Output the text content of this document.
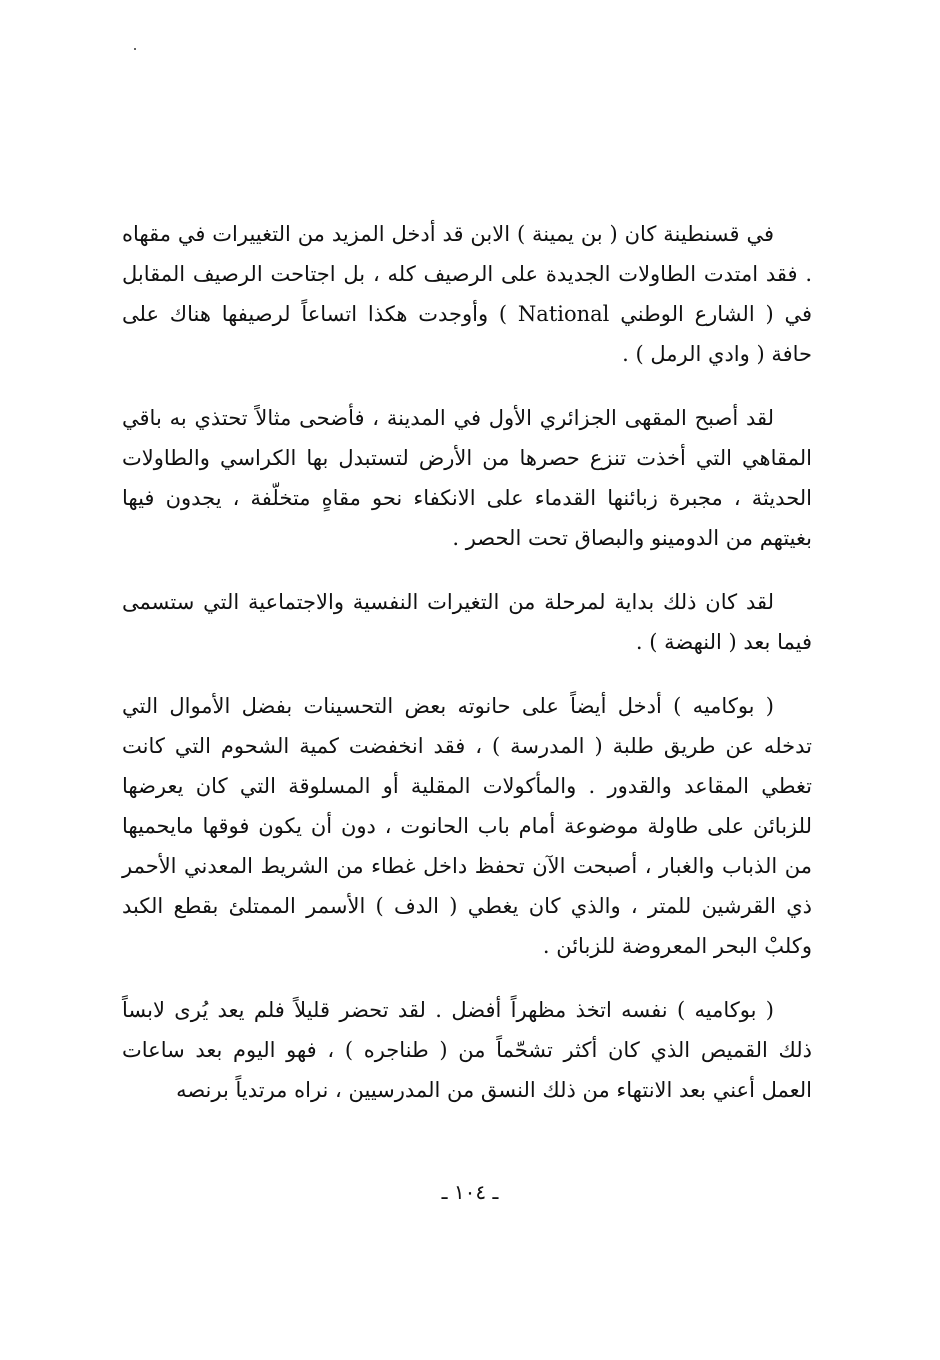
في قسنطينة كان ( بن يمينة ) الابن قد أدخل المزيد من التغييرات في مقهاه . فقد امتدت الطاولات الجديدة على الرصيف كله ، بل اجتاحت الرصيف المقابل في ( الشارع الوطني National ) وأوجدت هكذا اتساعاً لرصيفها هناك على حافة ( وادي الرمل ) .

لقد أصبح المقهى الجزائري الأول في المدينة ، فأضحى مثالاً تحتذي به باقي المقاهي التي أخذت تنزع حصرها من الأرض لتستبدل بها الكراسي والطاولات الحديثة ، مجبرة زبائنها القدماء على الانكفاء نحو مقاهٍ متخلّفة ، يجدون فيها بغيتهم من الدومينو والبصاق تحت الحصر .

لقد كان ذلك بداية لمرحلة من التغيرات النفسية والاجتماعية التي ستسمى فيما بعد ( النهضة ) .

( بوكاميه ) أدخل أيضاً على حانوته بعض التحسينات بفضل الأموال التي تدخله عن طريق طلبة ( المدرسة ) ، فقد انخفضت كمية الشحوم التي كانت تغطي المقاعد والقدور . والمأكولات المقلية أو المسلوقة التي كان يعرضها للزبائن على طاولة موضوعة أمام باب الحانوت ، دون أن يكون فوقها مايحميها من الذباب والغبار ، أصبحت الآن تحفظ داخل غطاء من الشريط المعدني الأحمر ذي القرشين للمتر ، والذي كان يغطي ( الدف ) الأسمر الممتلئ بقطع الكبد وكلبْ البحر المعروضة للزبائن .

( بوكاميه ) نفسه اتخذ مظهراً أفضل . لقد تحضر قليلاً فلم يعد يُرى لابساً ذلك القميص الذي كان أكثر تشحّماً من ( طناجره ) ، فهو اليوم بعد ساعات العمل أعني بعد الانتهاء من ذلك النسق من المدرسيين ، نراه مرتدياً برنصه

ـ ١٠٤ ـ
